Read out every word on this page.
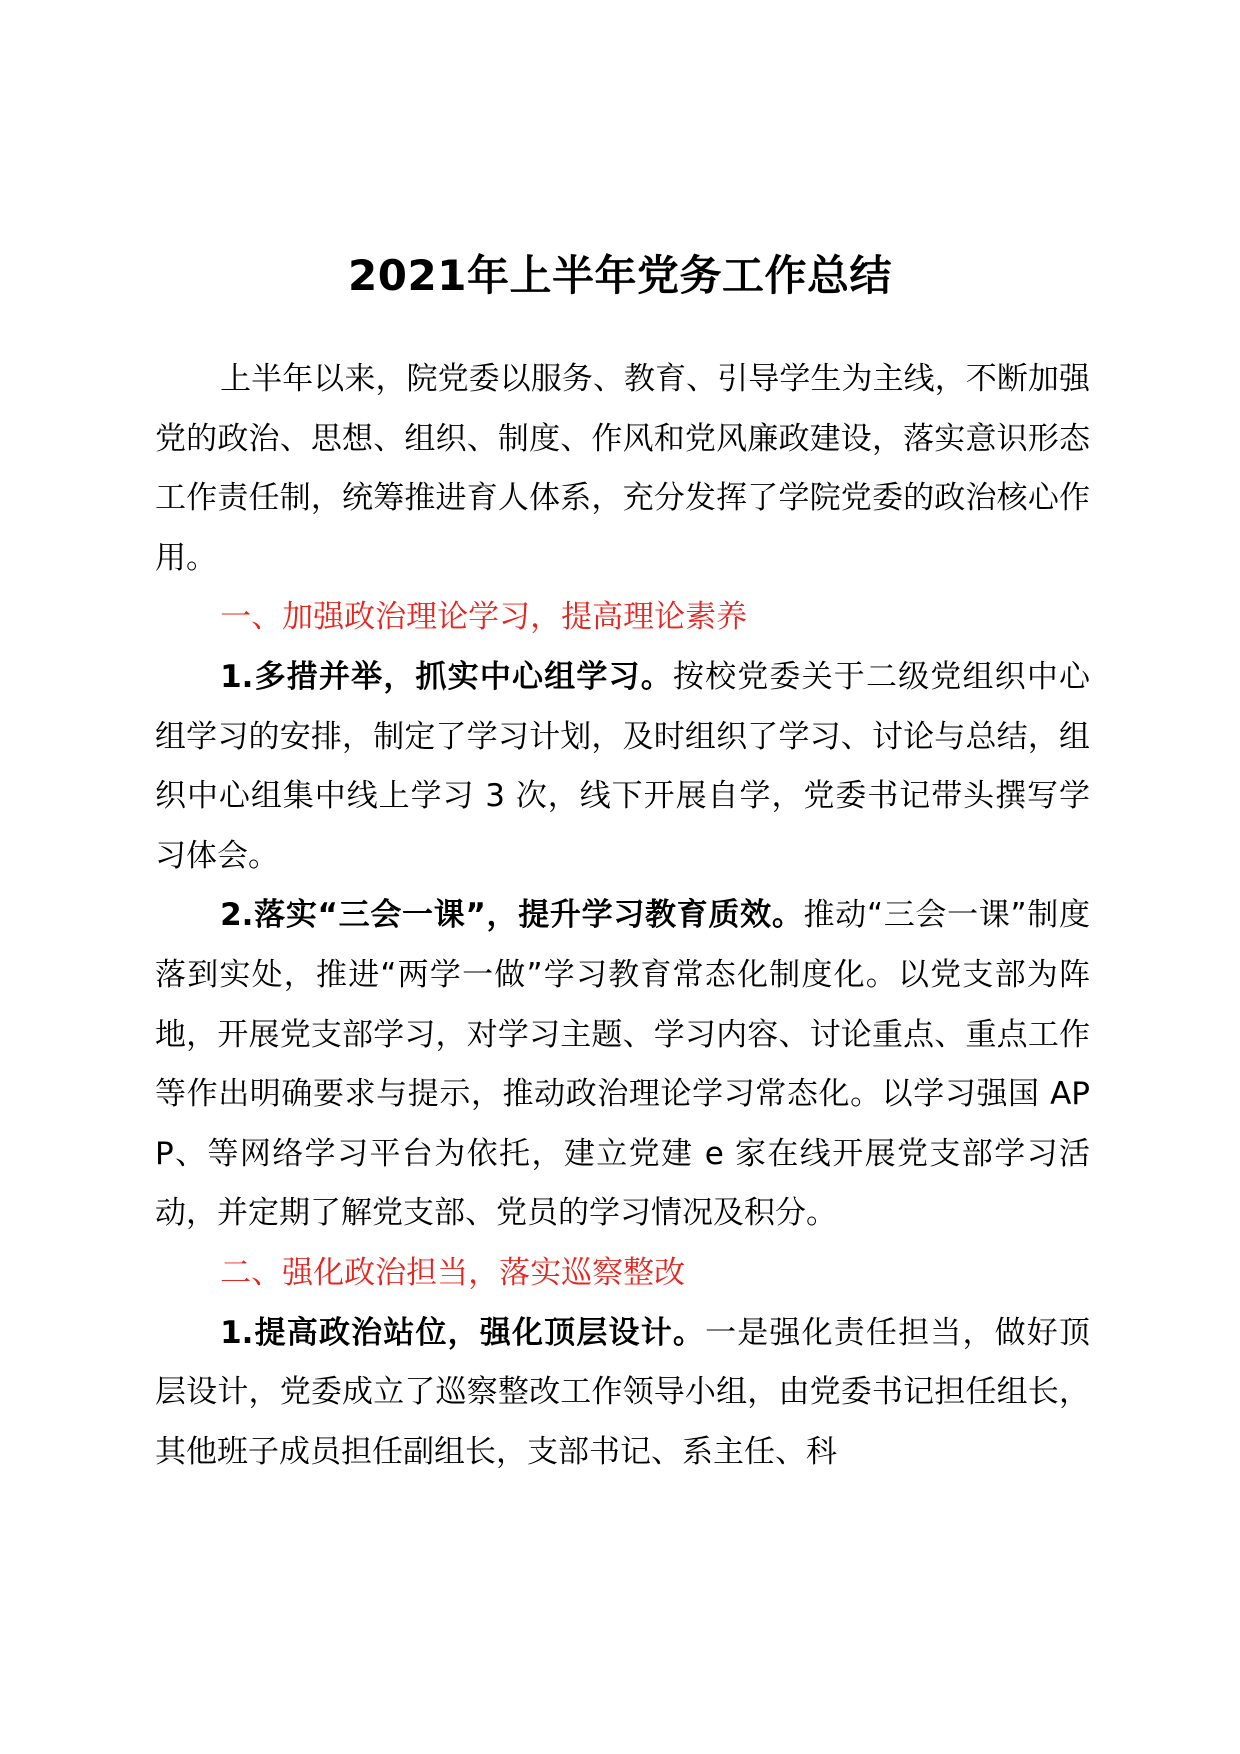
2021年上半年党务工作总结

上半年以来，院党委以服务、教育、引导学生为主线，不断加强党的政治、思想、组织、制度、作风和党风廉政建设，落实意识形态工作责任制，统筹推进育人体系，充分发挥了学院党委的政治核心作用。

一、加强政治理论学习，提高理论素养

1.多措并举，抓实中心组学习。按校党委关于二级党组织中心组学习的安排，制定了学习计划，及时组织了学习、讨论与总结，组织中心组集中线上学习 3 次，线下开展自学，党委书记带头撰写学习体会。

2.落实“三会一课”，提升学习教育质效。推动“三会一课”制度落到实处，推进“两学一做”学习教育常态化制度化。以党支部为阵地，开展党支部学习，对学习主题、学习内容、讨论重点、重点工作等作出明确要求与提示，推动政治理论学习常态化。以学习强国 APP、等网络学习平台为依托，建立党建 e 家在线开展党支部学习活动，并定期了解党支部、党员的学习情况及积分。

二、强化政治担当，落实巡察整改

1.提高政治站位，强化顶层设计。一是强化责任担当，做好顶层设计，党委成立了巡察整改工作领导小组，由党委书记担任组长，其他班子成员担任副组长，支部书记、系主任、科
